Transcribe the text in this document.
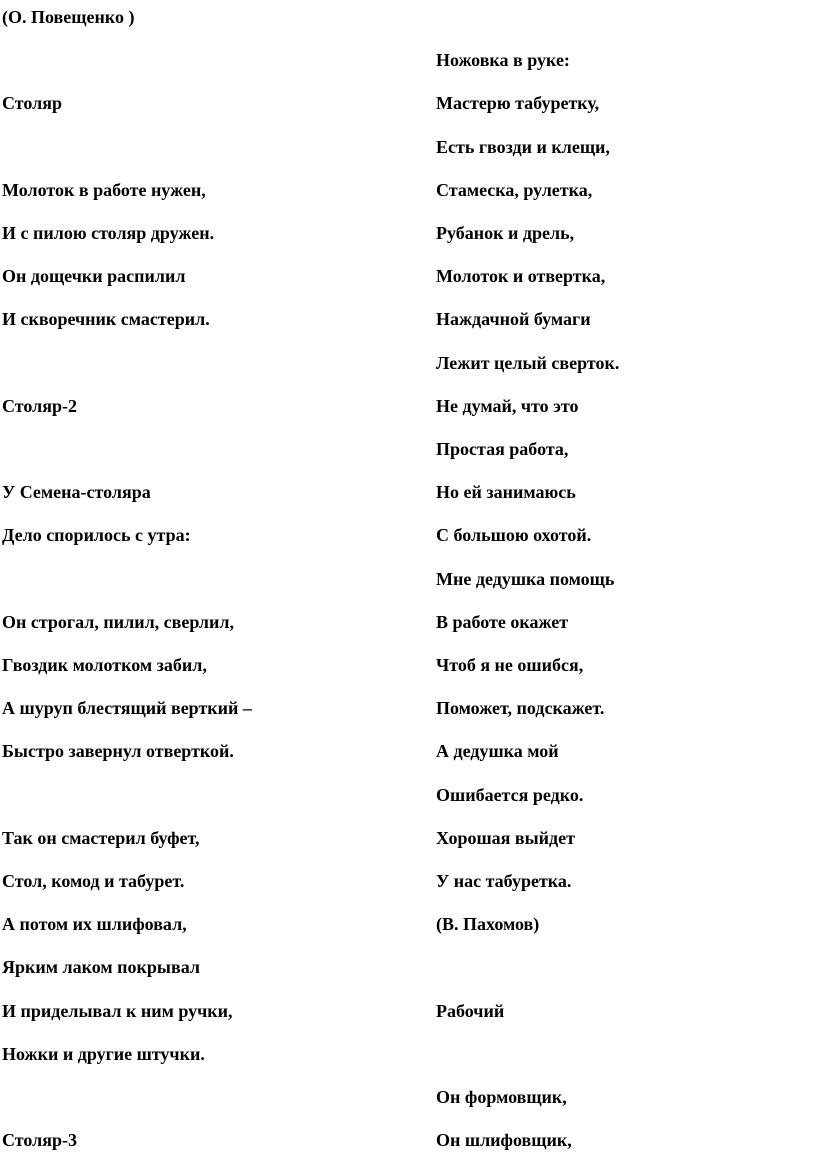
(О. Повещенко )
Столяр
Молоток в работе нужен,
И с пилою столяр дружен.
Он дощечки распилил
И скворечник смастерил.
Столяр-2
У Семена-столяра
Дело спорилось с утра:
Он строгал, пилил, сверлил,
Гвоздик молотком забил,
А шуруп блестящий верткий –
Быстро завернул отверткой.
Так он смастерил буфет,
Стол, комод и табурет.
А потом их шлифовал,
Ярким лаком покрывал
И приделывал к ним ручки,
Ножки и другие штучки.
Столяр-3
Ножовка в руке:
Мастерю табуретку,
Есть гвозди и клещи,
Стамеска, рулетка,
Рубанок и дрель,
Молоток и отвертка,
Наждачной бумаги
Лежит целый сверток.
Не думай, что это
Простая работа,
Но ей занимаюсь
С большою охотой.
Мне дедушка помощь
В работе окажет
Чтоб я не ошибся,
Поможет, подскажет.
А дедушка мой
Ошибается редко.
Хорошая выйдет
У нас табуретка.
(В. Пахомов)
Рабочий
Он формовщик,
Он шлифовщик,
